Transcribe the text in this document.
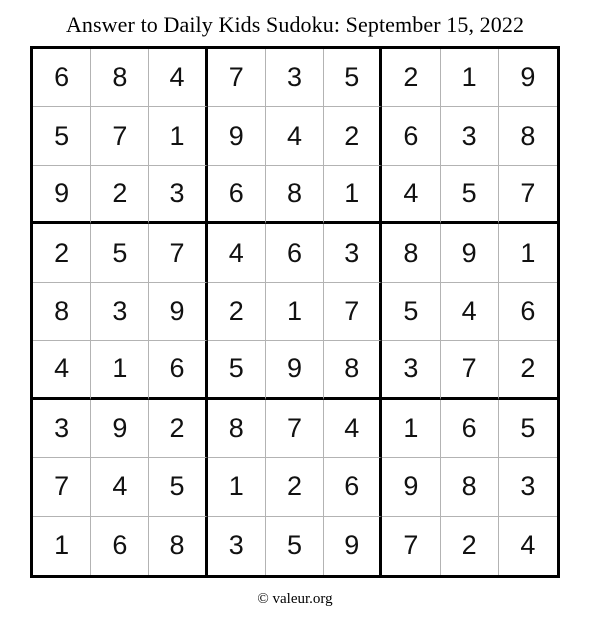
Answer to Daily Kids Sudoku: September 15, 2022
6	8	4	7	3	5	2	1	9
5	7	1	9	4	2	6	3	8
9	2	3	6	8	1	4	5	7
2	5	7	4	6	3	8	9	1
8	3	9	2	1	7	5	4	6
4	1	6	5	9	8	3	7	2
3	9	2	8	7	4	1	6	5
7	4	5	1	2	6	9	8	3
1	6	8	3	5	9	7	2	4
© valeur.org
